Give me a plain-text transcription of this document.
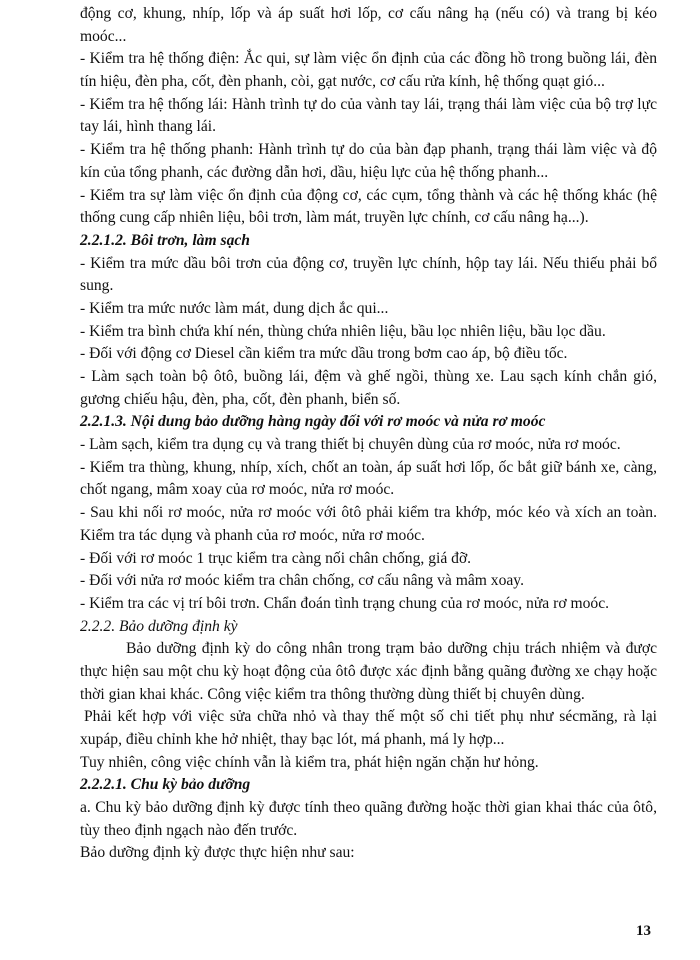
động cơ, khung, nhíp, lốp và áp suất hơi lốp, cơ cấu nâng hạ (nếu có) và trang bị kéo
moóc...
- Kiểm tra hệ thống điện: Ắc qui, sự làm việc ổn định của các đồng hồ trong buồng lái, đèn
tín hiệu, đèn pha, cốt, đèn phanh, còi, gạt nước, cơ cấu rửa kính, hệ thống quạt gió...
- Kiểm tra hệ thống lái: Hành trình tự do của vành tay lái, trạng thái làm việc của bộ trợ lực
tay lái, hình thang lái.
- Kiểm tra hệ thống phanh: Hành trình tự do của bàn đạp phanh, trạng thái làm việc và độ
kín của tổng phanh, các đường dẫn hơi, dầu, hiệu lực của hệ thống phanh...
- Kiểm tra sự làm việc ổn định của động cơ, các cụm, tổng thành và các hệ thống khác (hệ
thống cung cấp nhiên liệu, bôi trơn, làm mát, truyền lực chính, cơ cấu nâng hạ...).
2.2.1.2. Bôi trơn, làm sạch
- Kiểm tra mức dầu bôi trơn của động cơ, truyền lực chính, hộp tay lái. Nếu thiếu phải bổ
sung.
- Kiểm tra mức nước làm mát, dung dịch ắc qui...
- Kiểm tra bình chứa khí nén, thùng chứa nhiên liệu, bầu lọc nhiên liệu, bầu lọc dầu.
- Đối với động cơ Diesel cần kiểm tra mức dầu trong bơm cao áp, bộ điều tốc.
- Làm sạch toàn bộ ôtô, buồng lái, đệm và ghế ngồi, thùng xe. Lau sạch kính chắn gió,
gương chiếu hậu, đèn, pha, cốt, đèn phanh, biển số.
2.2.1.3. Nội dung bảo dưỡng hàng ngày đối với rơ moóc và nửa rơ moóc
- Làm sạch, kiểm tra dụng cụ và trang thiết bị chuyên dùng của rơ moóc, nửa rơ moóc.
- Kiểm tra thùng, khung, nhíp, xích, chốt an toàn, áp suất hơi lốp, ốc bắt giữ bánh xe, càng,
chốt ngang, mâm xoay của rơ moóc, nửa rơ moóc.
- Sau khi nối rơ moóc, nửa rơ moóc với ôtô phải kiểm tra khớp, móc kéo và xích an toàn.
Kiểm tra tác dụng và phanh của rơ moóc, nửa rơ moóc.
- Đối với rơ moóc 1 trục kiểm tra càng nối chân chống, giá đỡ.
- Đối với nửa rơ moóc kiểm tra chân chống, cơ cấu nâng và mâm xoay.
- Kiểm tra các vị trí bôi trơn. Chẩn đoán tình trạng chung của rơ moóc, nửa rơ moóc.
2.2.2. Bảo dưỡng định kỳ
Bảo dưỡng định kỳ do công nhân trong trạm bảo dưỡng chịu trách nhiệm và được
thực hiện sau một chu kỳ hoạt động của ôtô được xác định bằng quãng đường xe chạy hoặc
thời gian khai khác. Công việc kiểm tra thông thường dùng thiết bị chuyên dùng.
Phải kết hợp với việc sửa chữa nhỏ và thay thế một số chi tiết phụ như sécmăng, rà lại
xupáp, điều chỉnh khe hở nhiệt, thay bạc lót, má phanh, má ly hợp...
Tuy nhiên, công việc chính vẫn là kiểm tra, phát hiện ngăn chặn hư hỏng.
2.2.2.1. Chu kỳ bảo dưỡng
a. Chu kỳ bảo dưỡng định kỳ được tính theo quãng đường hoặc thời gian khai thác của ôtô,
tùy theo định ngạch nào đến trước.
Bảo dưỡng định kỳ được thực hiện như sau:
13
